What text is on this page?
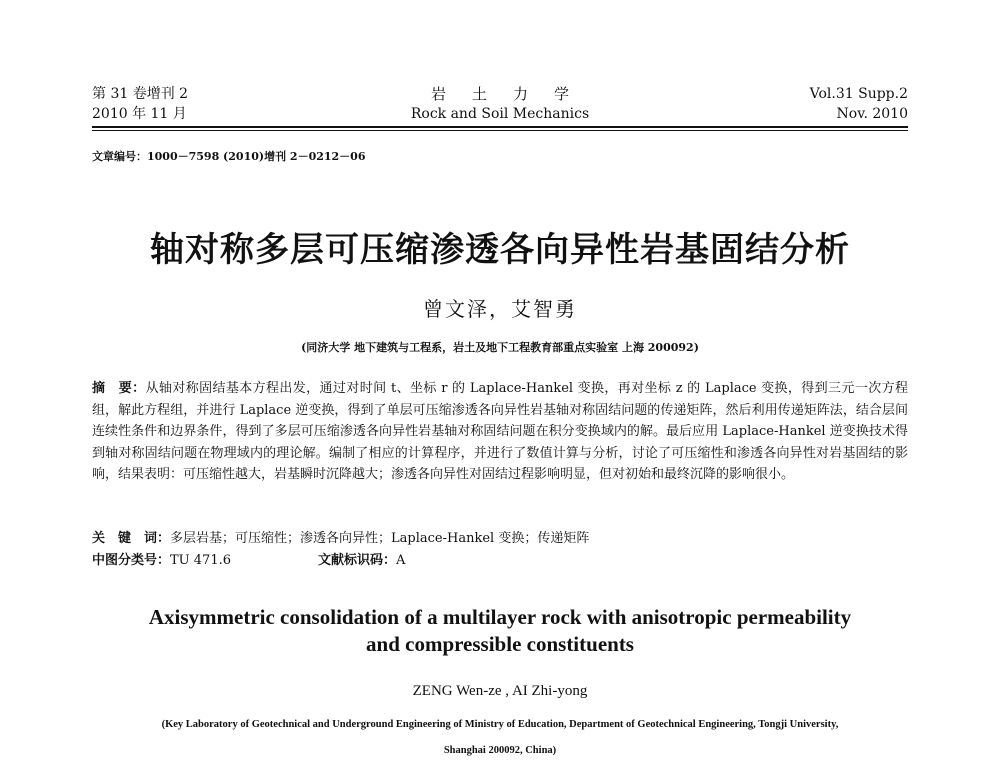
第 31 卷增刊 2
2010 年 11 月
岩土力学
Rock and Soil Mechanics
Vol.31 Supp.2
Nov. 2010
文章编号：1000－7598 (2010)增刊 2－0212－06
轴对称多层可压缩渗透各向异性岩基固结分析
曾文泽，艾智勇
(同济大学 地下建筑与工程系，岩土及地下工程教育部重点实验室 上海 200092)
摘　要：从轴对称固结基本方程出发，通过对时间 t、坐标 r 的 Laplace-Hankel 变换，再对坐标 z 的 Laplace 变换，得到三元一次方程组，解此方程组，并进行 Laplace 逆变换，得到了单层可压缩渗透各向异性岩基轴对称固结问题的传递矩阵，然后利用传递矩阵法，结合层间连续性条件和边界条件，得到了多层可压缩渗透各向异性岩基轴对称固结问题在积分变换域内的解。最后应用 Laplace-Hankel 逆变换技术得到轴对称固结问题在物理域内的理论解。编制了相应的计算程序，并进行了数值计算与分析，讨论了可压缩性和渗透各向异性对岩基固结的影响，结果表明：可压缩性越大，岩基瞬时沉降越大；渗透各向异性对固结过程影响明显，但对初始和最终沉降的影响很小。
关　键　词：多层岩基；可压缩性；渗透各向异性；Laplace-Hankel 变换；传递矩阵
中图分类号：TU 471.6	文献标识码：A
Axisymmetric consolidation of a multilayer rock with anisotropic permeability
and compressible constituents
ZENG Wen-ze , AI Zhi-yong
(Key Laboratory of Geotechnical and Underground Engineering of Ministry of Education, Department of Geotechnical Engineering, Tongji University,
Shanghai 200092, China)
